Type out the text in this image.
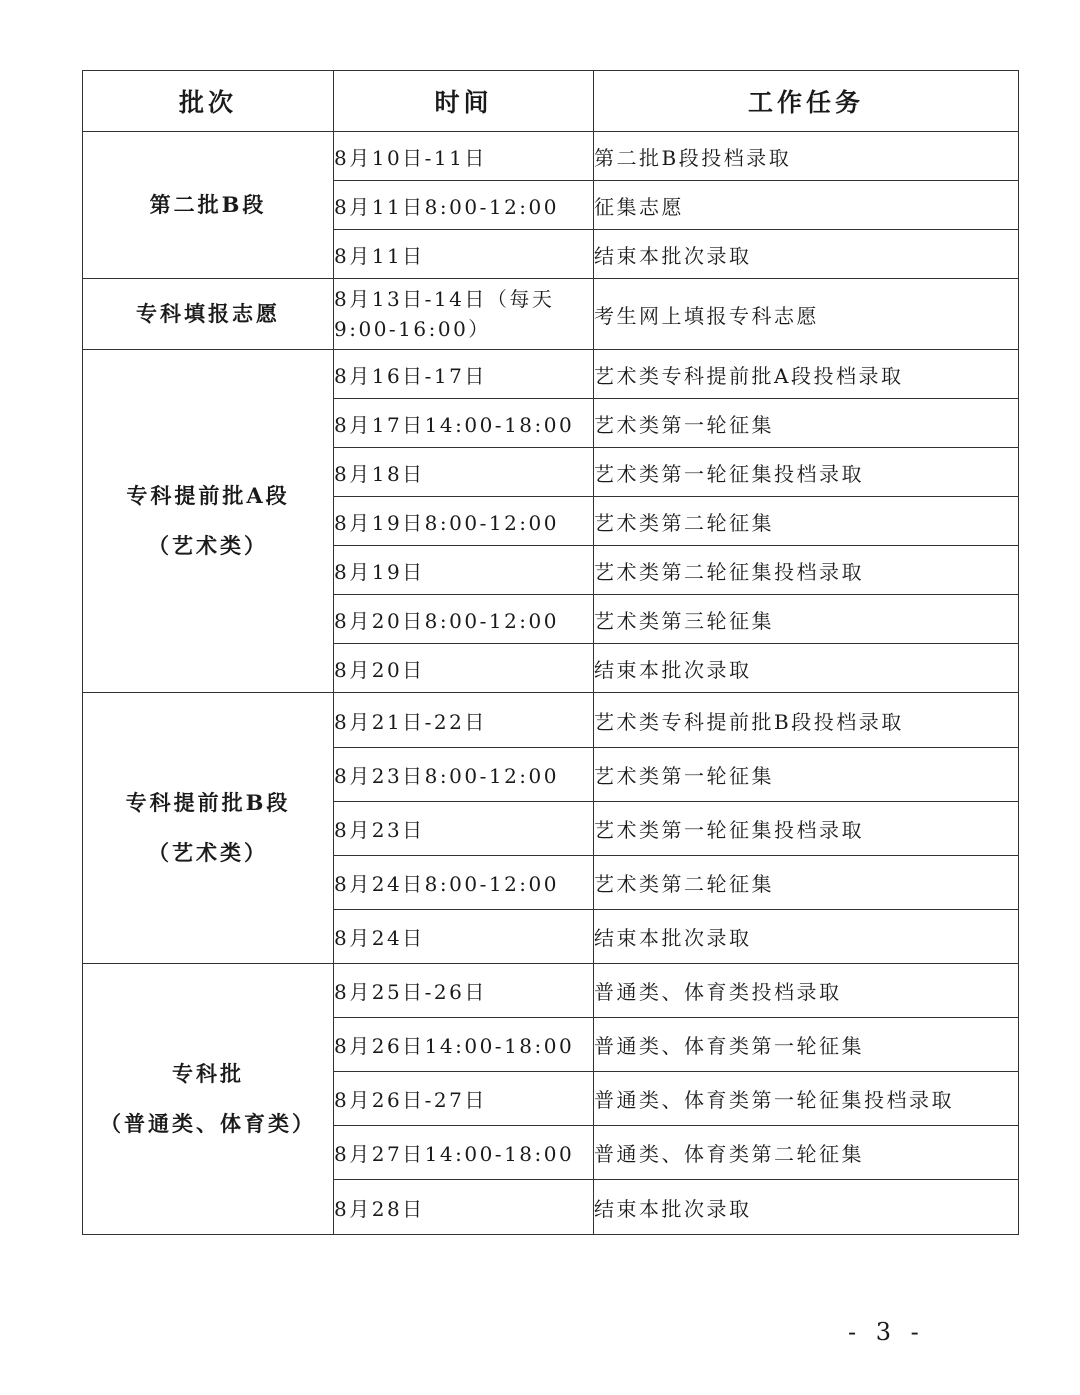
批次	时间	工作任务

第二批B段	8月10日-11日	第二批B段投档录取
	8月11日8:00-12:00	征集志愿
	8月11日	结束本批次录取

专科填报志愿	8月13日-14日（每天9:00-16:00）	考生网上填报专科志愿

专科提前批A段
（艺术类）	8月16日-17日	艺术类专科提前批A段投档录取
	8月17日14:00-18:00	艺术类第一轮征集
	8月18日	艺术类第一轮征集投档录取
	8月19日8:00-12:00	艺术类第二轮征集
	8月19日	艺术类第二轮征集投档录取
	8月20日8:00-12:00	艺术类第三轮征集
	8月20日	结束本批次录取

专科提前批B段
（艺术类）	8月21日-22日	艺术类专科提前批B段投档录取
	8月23日8:00-12:00	艺术类第一轮征集
	8月23日	艺术类第一轮征集投档录取
	8月24日8:00-12:00	艺术类第二轮征集
	8月24日	结束本批次录取

专科批
（普通类、体育类）	8月25日-26日	普通类、体育类投档录取
	8月26日14:00-18:00	普通类、体育类第一轮征集
	8月26日-27日	普通类、体育类第一轮征集投档录取
	8月27日14:00-18:00	普通类、体育类第二轮征集
	8月28日	结束本批次录取
- 3 -
